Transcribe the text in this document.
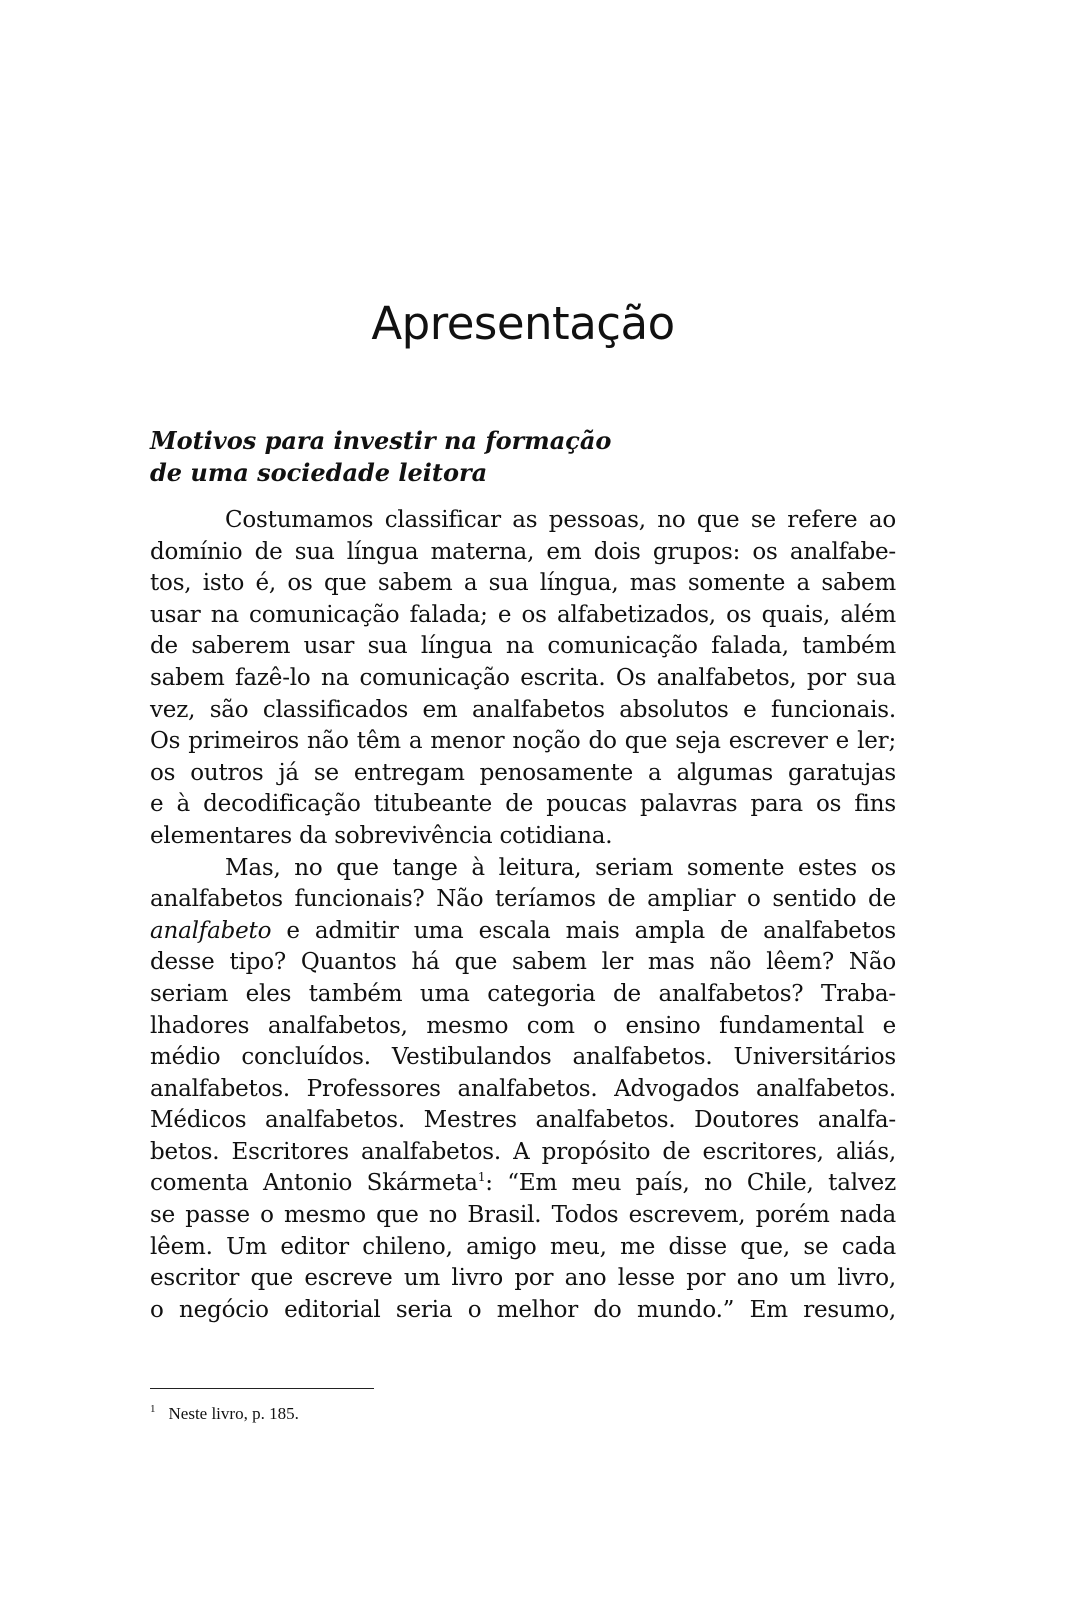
Apresentação
Motivos para investir na formação
de uma sociedade leitora
Costumamos classificar as pessoas, no que se refere ao
domínio de sua língua materna, em dois grupos: os analfabe-
tos, isto é, os que sabem a sua língua, mas somente a sabem
usar na comunicação falada; e os alfabetizados, os quais, além
de saberem usar sua língua na comunicação falada, também
sabem fazê-lo na comunicação escrita. Os analfabetos, por sua
vez, são classificados em analfabetos absolutos e funcionais.
Os primeiros não têm a menor noção do que seja escrever e ler;
os outros já se entregam penosamente a algumas garatujas
e à decodificação titubeante de poucas palavras para os fins
elementares da sobrevivência cotidiana.
Mas, no que tange à leitura, seriam somente estes os
analfabetos funcionais? Não teríamos de ampliar o sentido de
analfabeto e admitir uma escala mais ampla de analfabetos
desse tipo? Quantos há que sabem ler mas não lêem? Não
seriam eles também uma categoria de analfabetos? Traba-
lhadores analfabetos, mesmo com o ensino fundamental e
médio concluídos. Vestibulandos analfabetos. Universitários
analfabetos. Professores analfabetos. Advogados analfabetos.
Médicos analfabetos. Mestres analfabetos. Doutores analfa-
betos. Escritores analfabetos. A propósito de escritores, aliás,
comenta Antonio Skármeta$^1$: “Em meu país, no Chile, talvez
se passe o mesmo que no Brasil. Todos escrevem, porém nada
lêem. Um editor chileno, amigo meu, me disse que, se cada
escritor que escreve um livro por ano lesse por ano um livro,
o negócio editorial seria o melhor do mundo.” Em resumo,
$^1$ Neste livro, p. 185.
